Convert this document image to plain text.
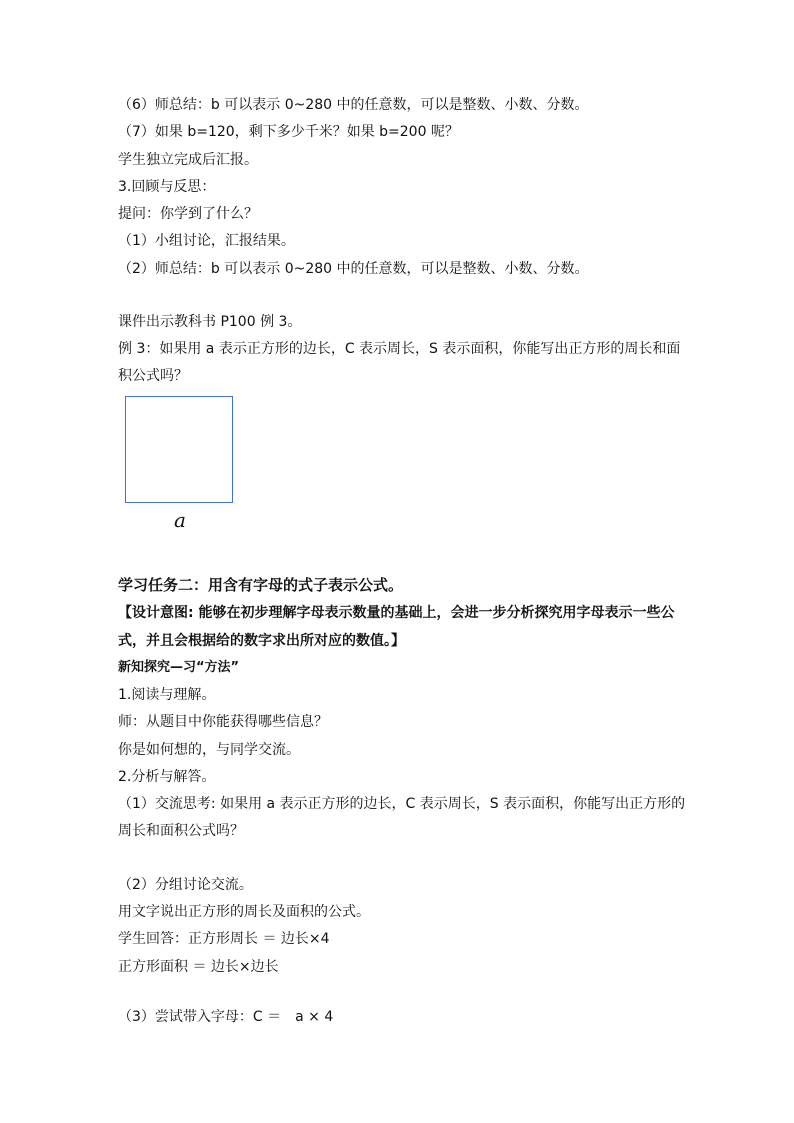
（6）师总结：b 可以表示 0~280 中的任意数，可以是整数、小数、分数。
（7）如果 b=120，剩下多少千米？如果 b=200 呢？
学生独立完成后汇报。
3.回顾与反思：
提问：你学到了什么？
（1）小组讨论，汇报结果。
（2）师总结：b 可以表示 0~280 中的任意数，可以是整数、小数、分数。
课件出示教科书 P100 例 3。
例 3：如果用 a 表示正方形的边长，C 表示周长，S 表示面积，你能写出正方形的周长和面
积公式吗？
a
学习任务二：用含有字母的式子表示公式。
【设计意图: 能够在初步理解字母表示数量的基础上，会进一步分析探究用字母表示一些公
式，并且会根据给的数字求出所对应的数值。】
新知探究—习“方法”
1.阅读与理解。
师：从题目中你能获得哪些信息？
你是如何想的，与同学交流。
2.分析与解答。
（1）交流思考: 如果用 a 表示正方形的边长，C 表示周长，S 表示面积，你能写出正方形的
周长和面积公式吗？
（2）分组讨论交流。
用文字说出正方形的周长及面积的公式。
学生回答：正方形周长 ＝ 边长×4
正方形面积 ＝ 边长×边长
（3）尝试带入字母：C ＝　a × 4
